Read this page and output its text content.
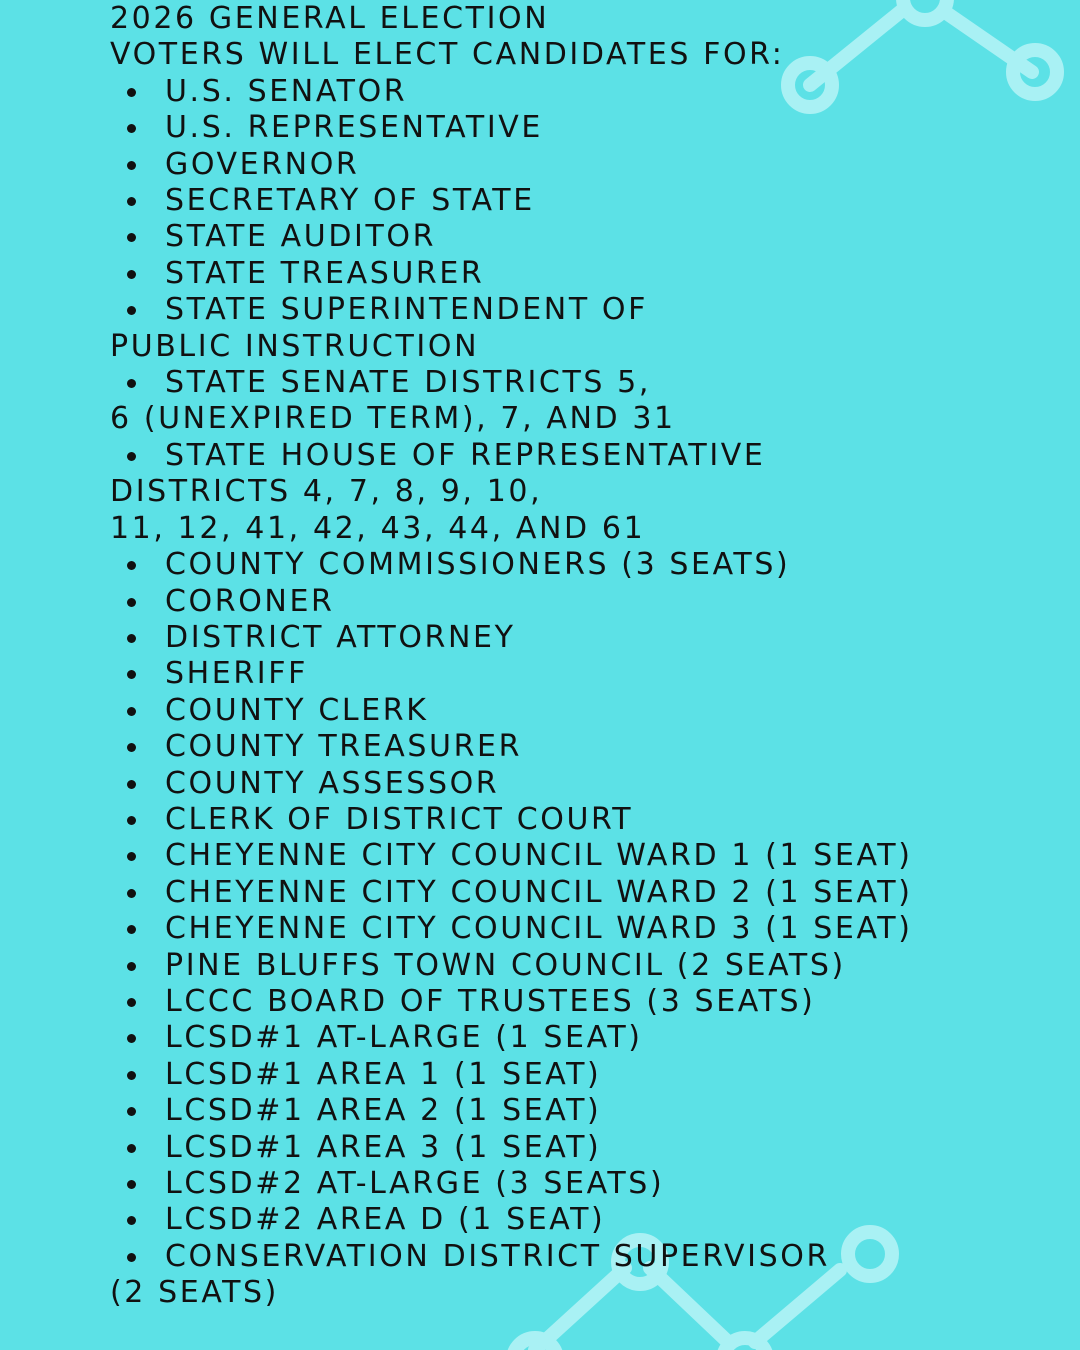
2026 GENERAL ELECTION
VOTERS WILL ELECT CANDIDATES FOR:
U.S. SENATOR
U.S. REPRESENTATIVE
GOVERNOR
SECRETARY OF STATE
STATE AUDITOR
STATE TREASURER
STATE SUPERINTENDENT OF
PUBLIC INSTRUCTION
STATE SENATE DISTRICTS 5,
6 (UNEXPIRED TERM), 7, AND 31
STATE HOUSE OF REPRESENTATIVE
DISTRICTS 4, 7, 8, 9, 10,
11, 12, 41, 42, 43, 44, AND 61
COUNTY COMMISSIONERS (3 SEATS)
CORONER
DISTRICT ATTORNEY
SHERIFF
COUNTY CLERK
COUNTY TREASURER
COUNTY ASSESSOR
CLERK OF DISTRICT COURT
CHEYENNE CITY COUNCIL WARD 1 (1 SEAT)
CHEYENNE CITY COUNCIL WARD 2 (1 SEAT)
CHEYENNE CITY COUNCIL WARD 3 (1 SEAT)
PINE BLUFFS TOWN COUNCIL (2 SEATS)
LCCC BOARD OF TRUSTEES (3 SEATS)
LCSD#1 AT-LARGE (1 SEAT)
LCSD#1 AREA 1 (1 SEAT)
LCSD#1 AREA 2 (1 SEAT)
LCSD#1 AREA 3 (1 SEAT)
LCSD#2 AT-LARGE (3 SEATS)
LCSD#2 AREA D (1 SEAT)
CONSERVATION DISTRICT SUPERVISOR
(2 SEATS)
